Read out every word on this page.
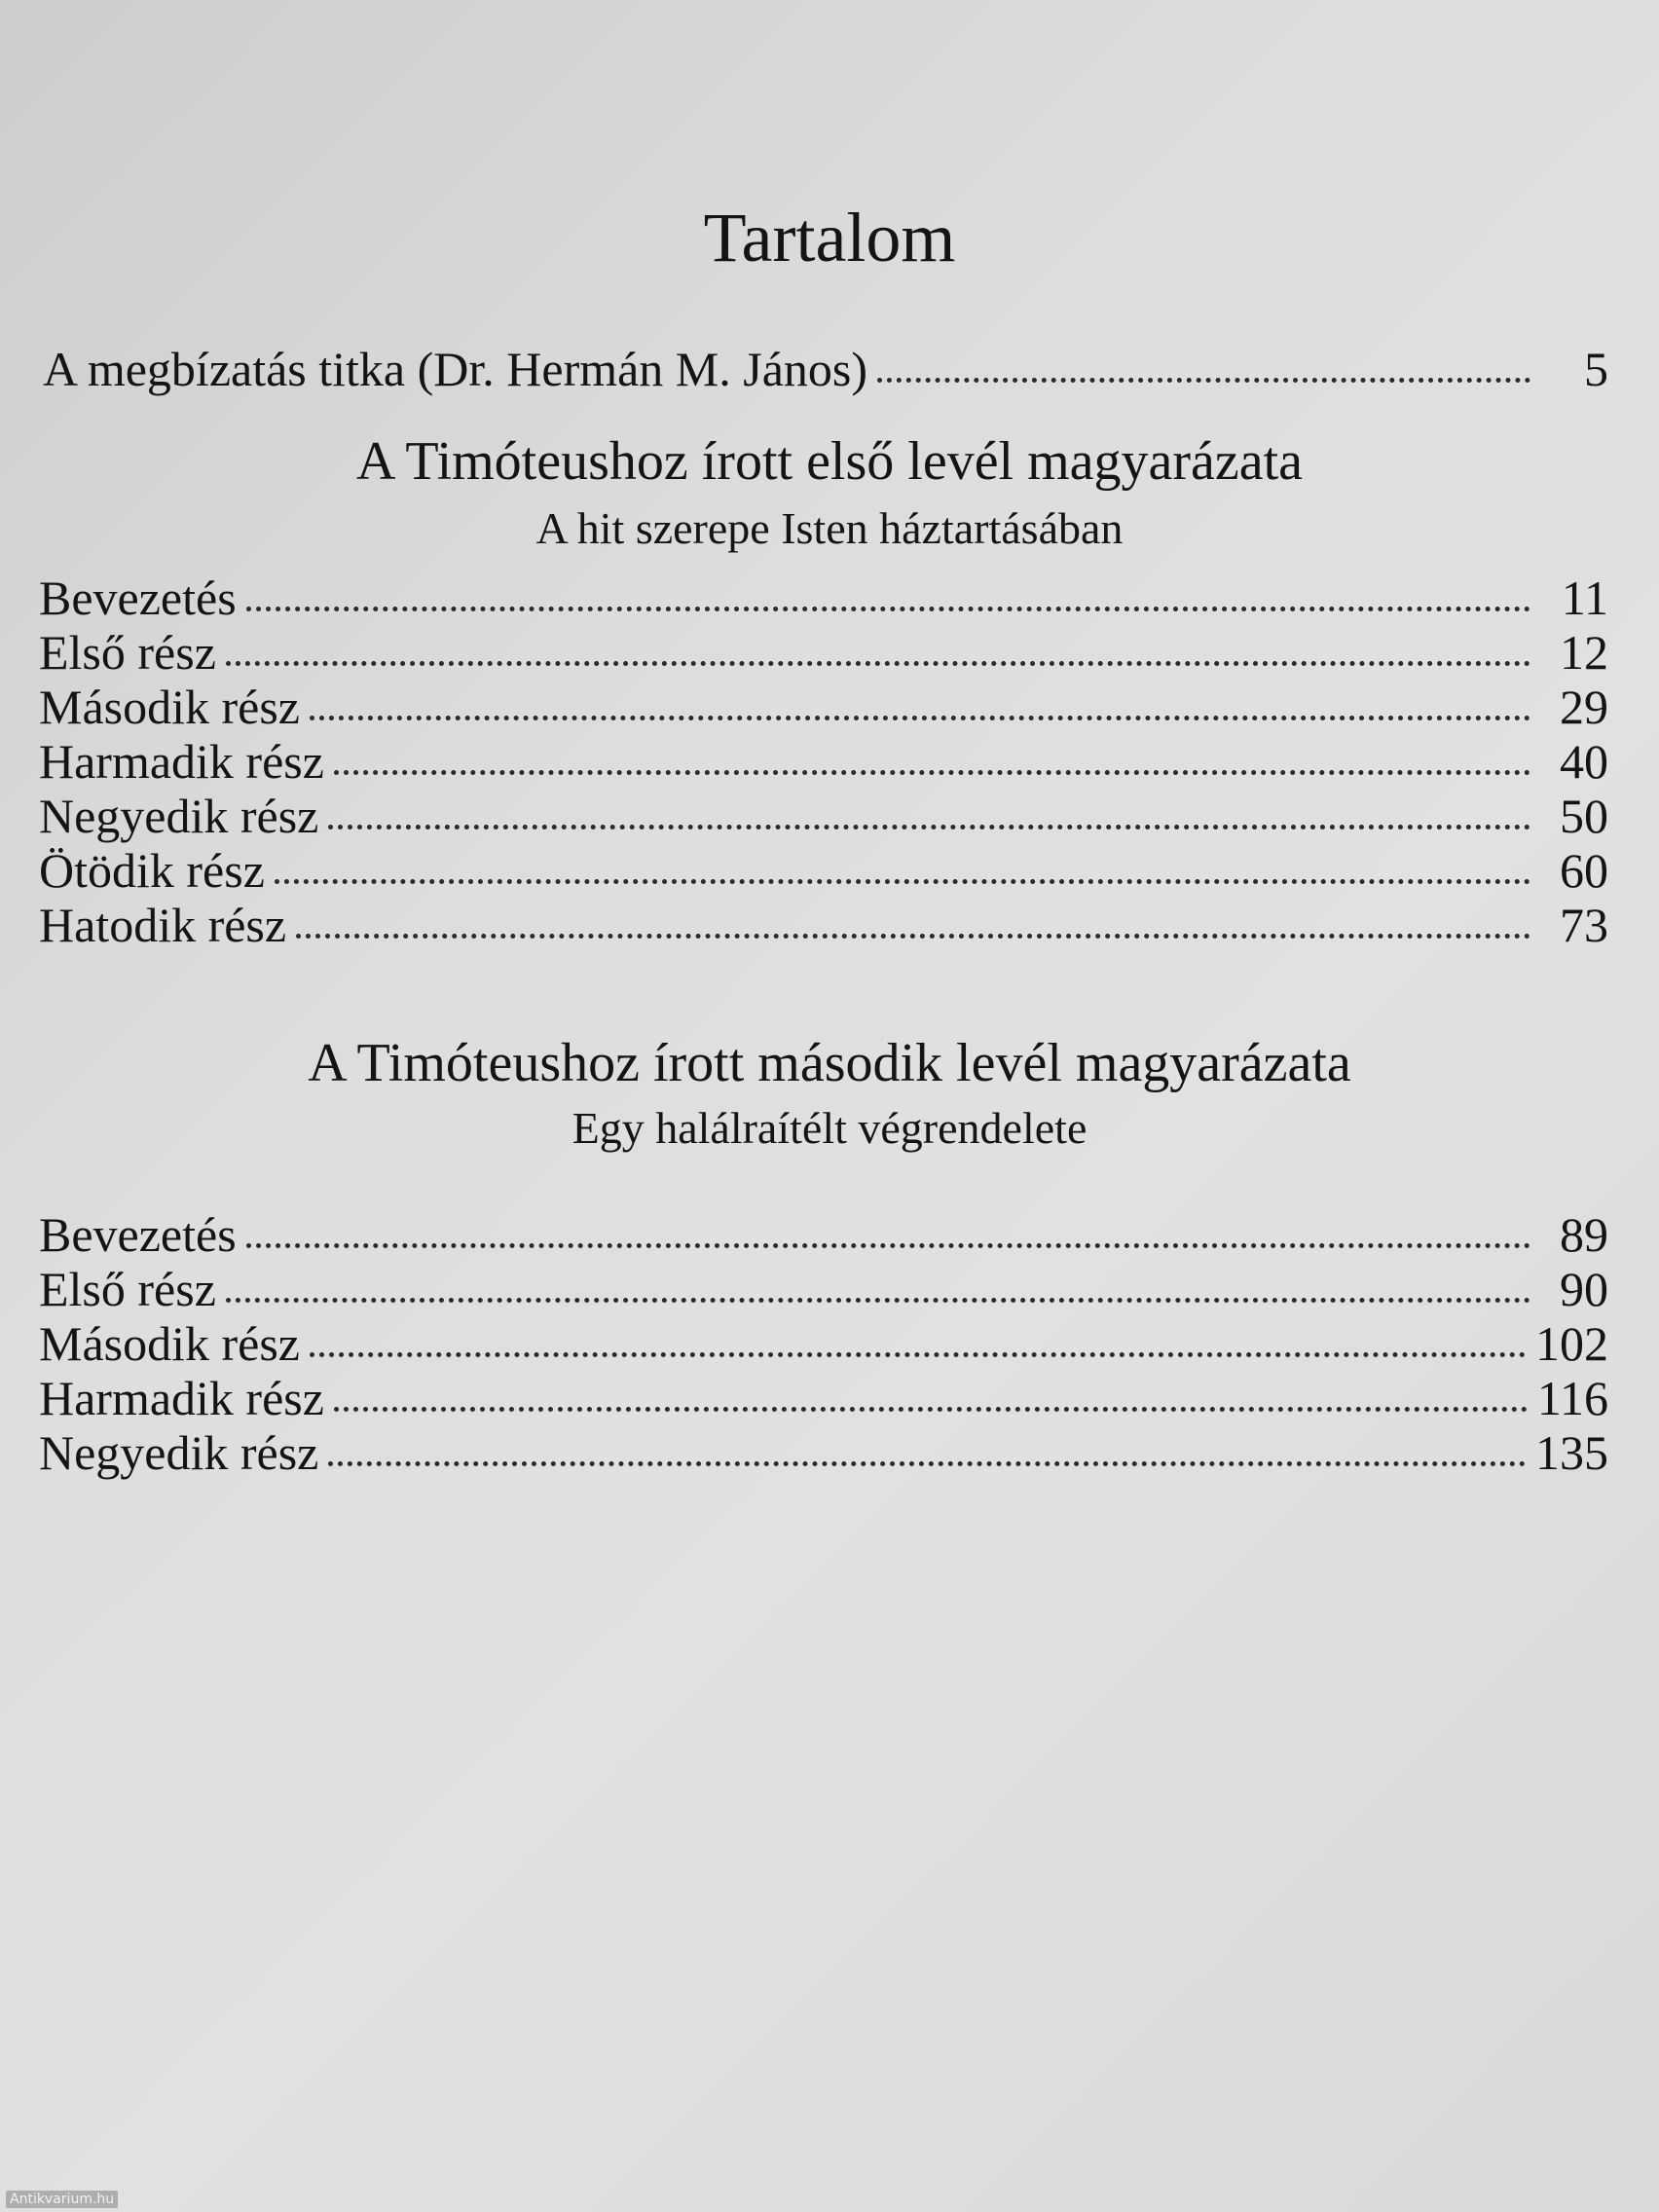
Tartalom
A megbízatás titka (Dr. Hermán M. János)	5
A Timóteushoz írott első levél magyarázata
A hit szerepe Isten háztartásában
Bevezetés	11
Első rész	12
Második rész	29
Harmadik rész	40
Negyedik rész	50
Ötödik rész	60
Hatodik rész	73
A Timóteushoz írott második levél magyarázata
Egy halálraítélt végrendelete
Bevezetés	89
Első rész	90
Második rész	102
Harmadik rész	116
Negyedik rész	135
Antikvarium.hu
